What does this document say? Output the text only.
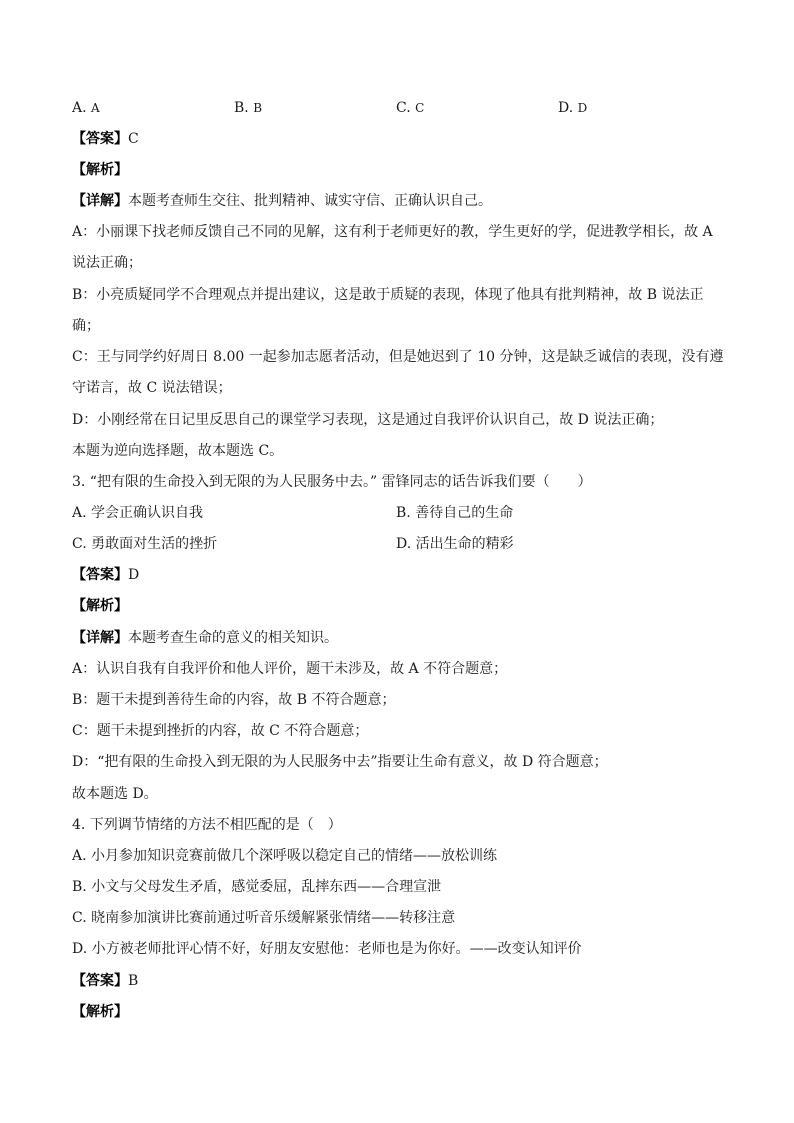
A. A	B. B	C. C	D. D
【答案】C
【解析】
【详解】本题考查师生交往、批判精神、诚实守信、正确认识自己。
A：小丽课下找老师反馈自己不同的见解，这有利于老师更好的教，学生更好的学，促进教学相长，故 A
说法正确；
B：小亮质疑同学不合理观点并提出建议，这是敢于质疑的表现，体现了他具有批判精神，故 B 说法正
确；
C：王与同学约好周日 8.00 一起参加志愿者活动，但是她迟到了 10 分钟，这是缺乏诚信的表现，没有遵
守诺言，故 C 说法错误；
D：小刚经常在日记里反思自己的课堂学习表现，这是通过自我评价认识自己，故 D 说法正确；
本题为逆向选择题，故本题选 C。
3. “把有限的生命投入到无限的为人民服务中去。” 雷锋同志的话告诉我们要（　　）
A. 学会正确认识自我	B. 善待自己的生命
C. 勇敢面对生活的挫折	D. 活出生命的精彩
【答案】D
【解析】
【详解】本题考查生命的意义的相关知识。
A：认识自我有自我评价和他人评价，题干未涉及，故 A 不符合题意；
B：题干未提到善待生命的内容，故 B 不符合题意；
C：题干未提到挫折的内容，故 C 不符合题意；
D：“把有限的生命投入到无限的为人民服务中去”指要让生命有意义，故 D 符合题意；
故本题选 D。
4. 下列调节情绪的方法不相匹配的是（　）
A. 小月参加知识竞赛前做几个深呼吸以稳定自己的情绪——放松训练
B. 小文与父母发生矛盾，感觉委屈，乱摔东西——合理宣泄
C. 晓南参加演讲比赛前通过听音乐缓解紧张情绪——转移注意
D. 小方被老师批评心情不好，好朋友安慰他：老师也是为你好。——改变认知评价
【答案】B
【解析】
